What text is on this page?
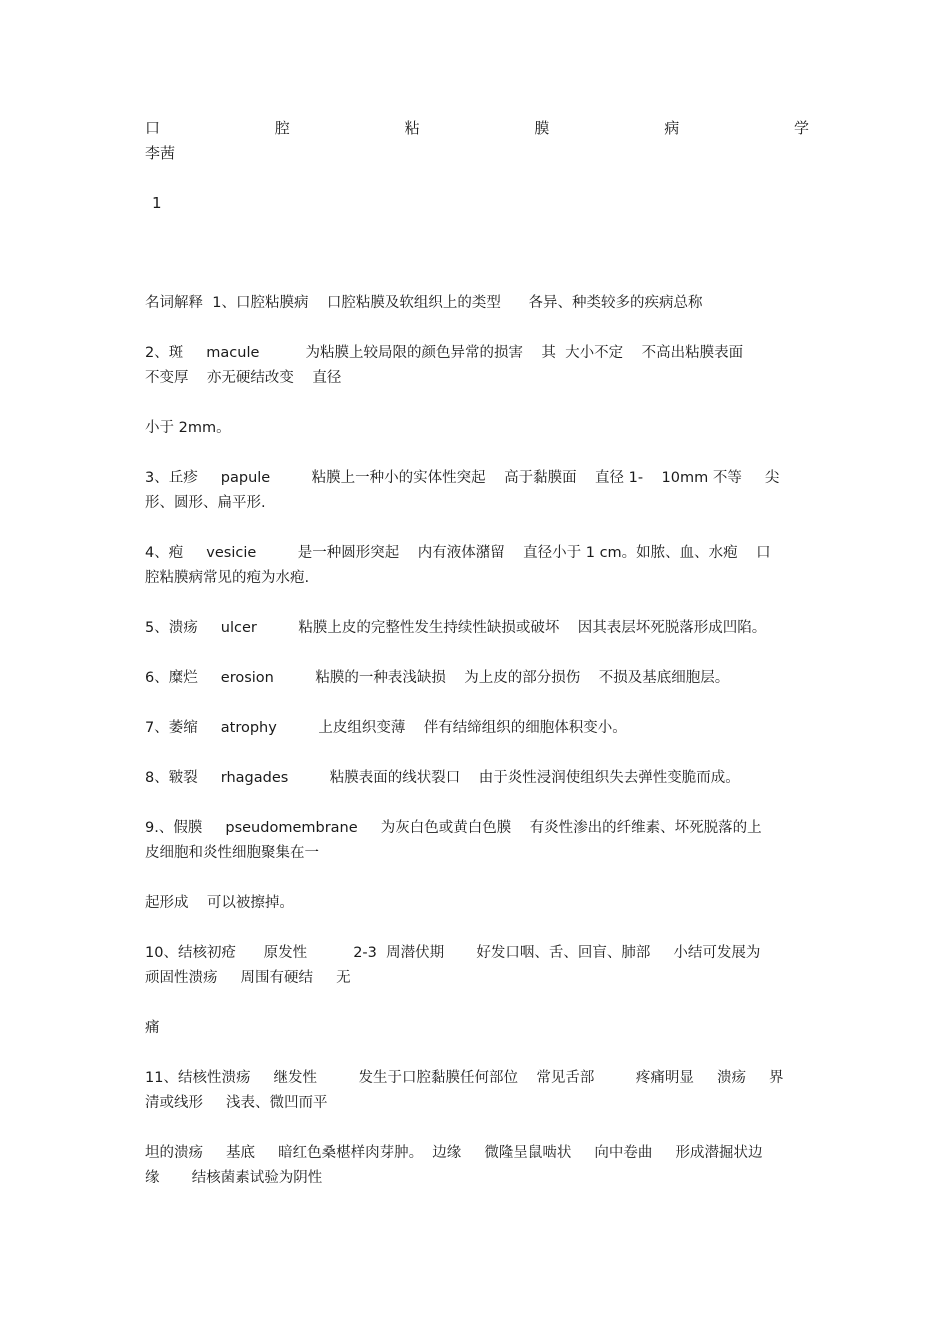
口	腔	粘	膜	病	学
李茜
1

名词解释  1、口腔粘膜病    口腔粘膜及软组织上的类型      各异、种类较多的疾病总称

2、斑     macule          为粘膜上较局限的颜色异常的损害    其  大小不定    不高出粘膜表面
不变厚    亦无硬结改变    直径

小于 2mm。

3、丘疹     papule         粘膜上一种小的实体性突起    高于黏膜面    直径 1-    10mm 不等     尖
形、圆形、扁平形.

4、疱     vesicie         是一种圆形突起    内有液体潴留    直径小于 1 cm。如脓、血、水疱    口
腔粘膜病常见的疱为水疱.

5、溃疡     ulcer         粘膜上皮的完整性发生持续性缺损或破坏    因其表层坏死脱落形成凹陷。

6、糜烂     erosion         粘膜的一种表浅缺损    为上皮的部分损伤    不损及基底细胞层。

7、萎缩     atrophy         上皮组织变薄    伴有结缔组织的细胞体积变小。

8、皲裂     rhagades         粘膜表面的线状裂口    由于炎性浸润使组织失去弹性变脆而成。

9.、假膜     pseudomembrane     为灰白色或黄白色膜    有炎性渗出的纤维素、坏死脱落的上
皮细胞和炎性细胞聚集在一

起形成    可以被擦掉。

10、结核初疮      原发性          2-3  周潜伏期       好发口咽、舌、回盲、肺部     小结可发展为
顽固性溃疡     周围有硬结     无

痛

11、结核性溃疡     继发性         发生于口腔黏膜任何部位    常见舌部         疼痛明显     溃疡     界
清或线形     浅表、微凹而平

坦的溃疡     基底     暗红色桑椹样肉芽肿。  边缘     微隆呈鼠啮状     向中卷曲     形成潜掘状边
缘       结核菌素试验为阴性
